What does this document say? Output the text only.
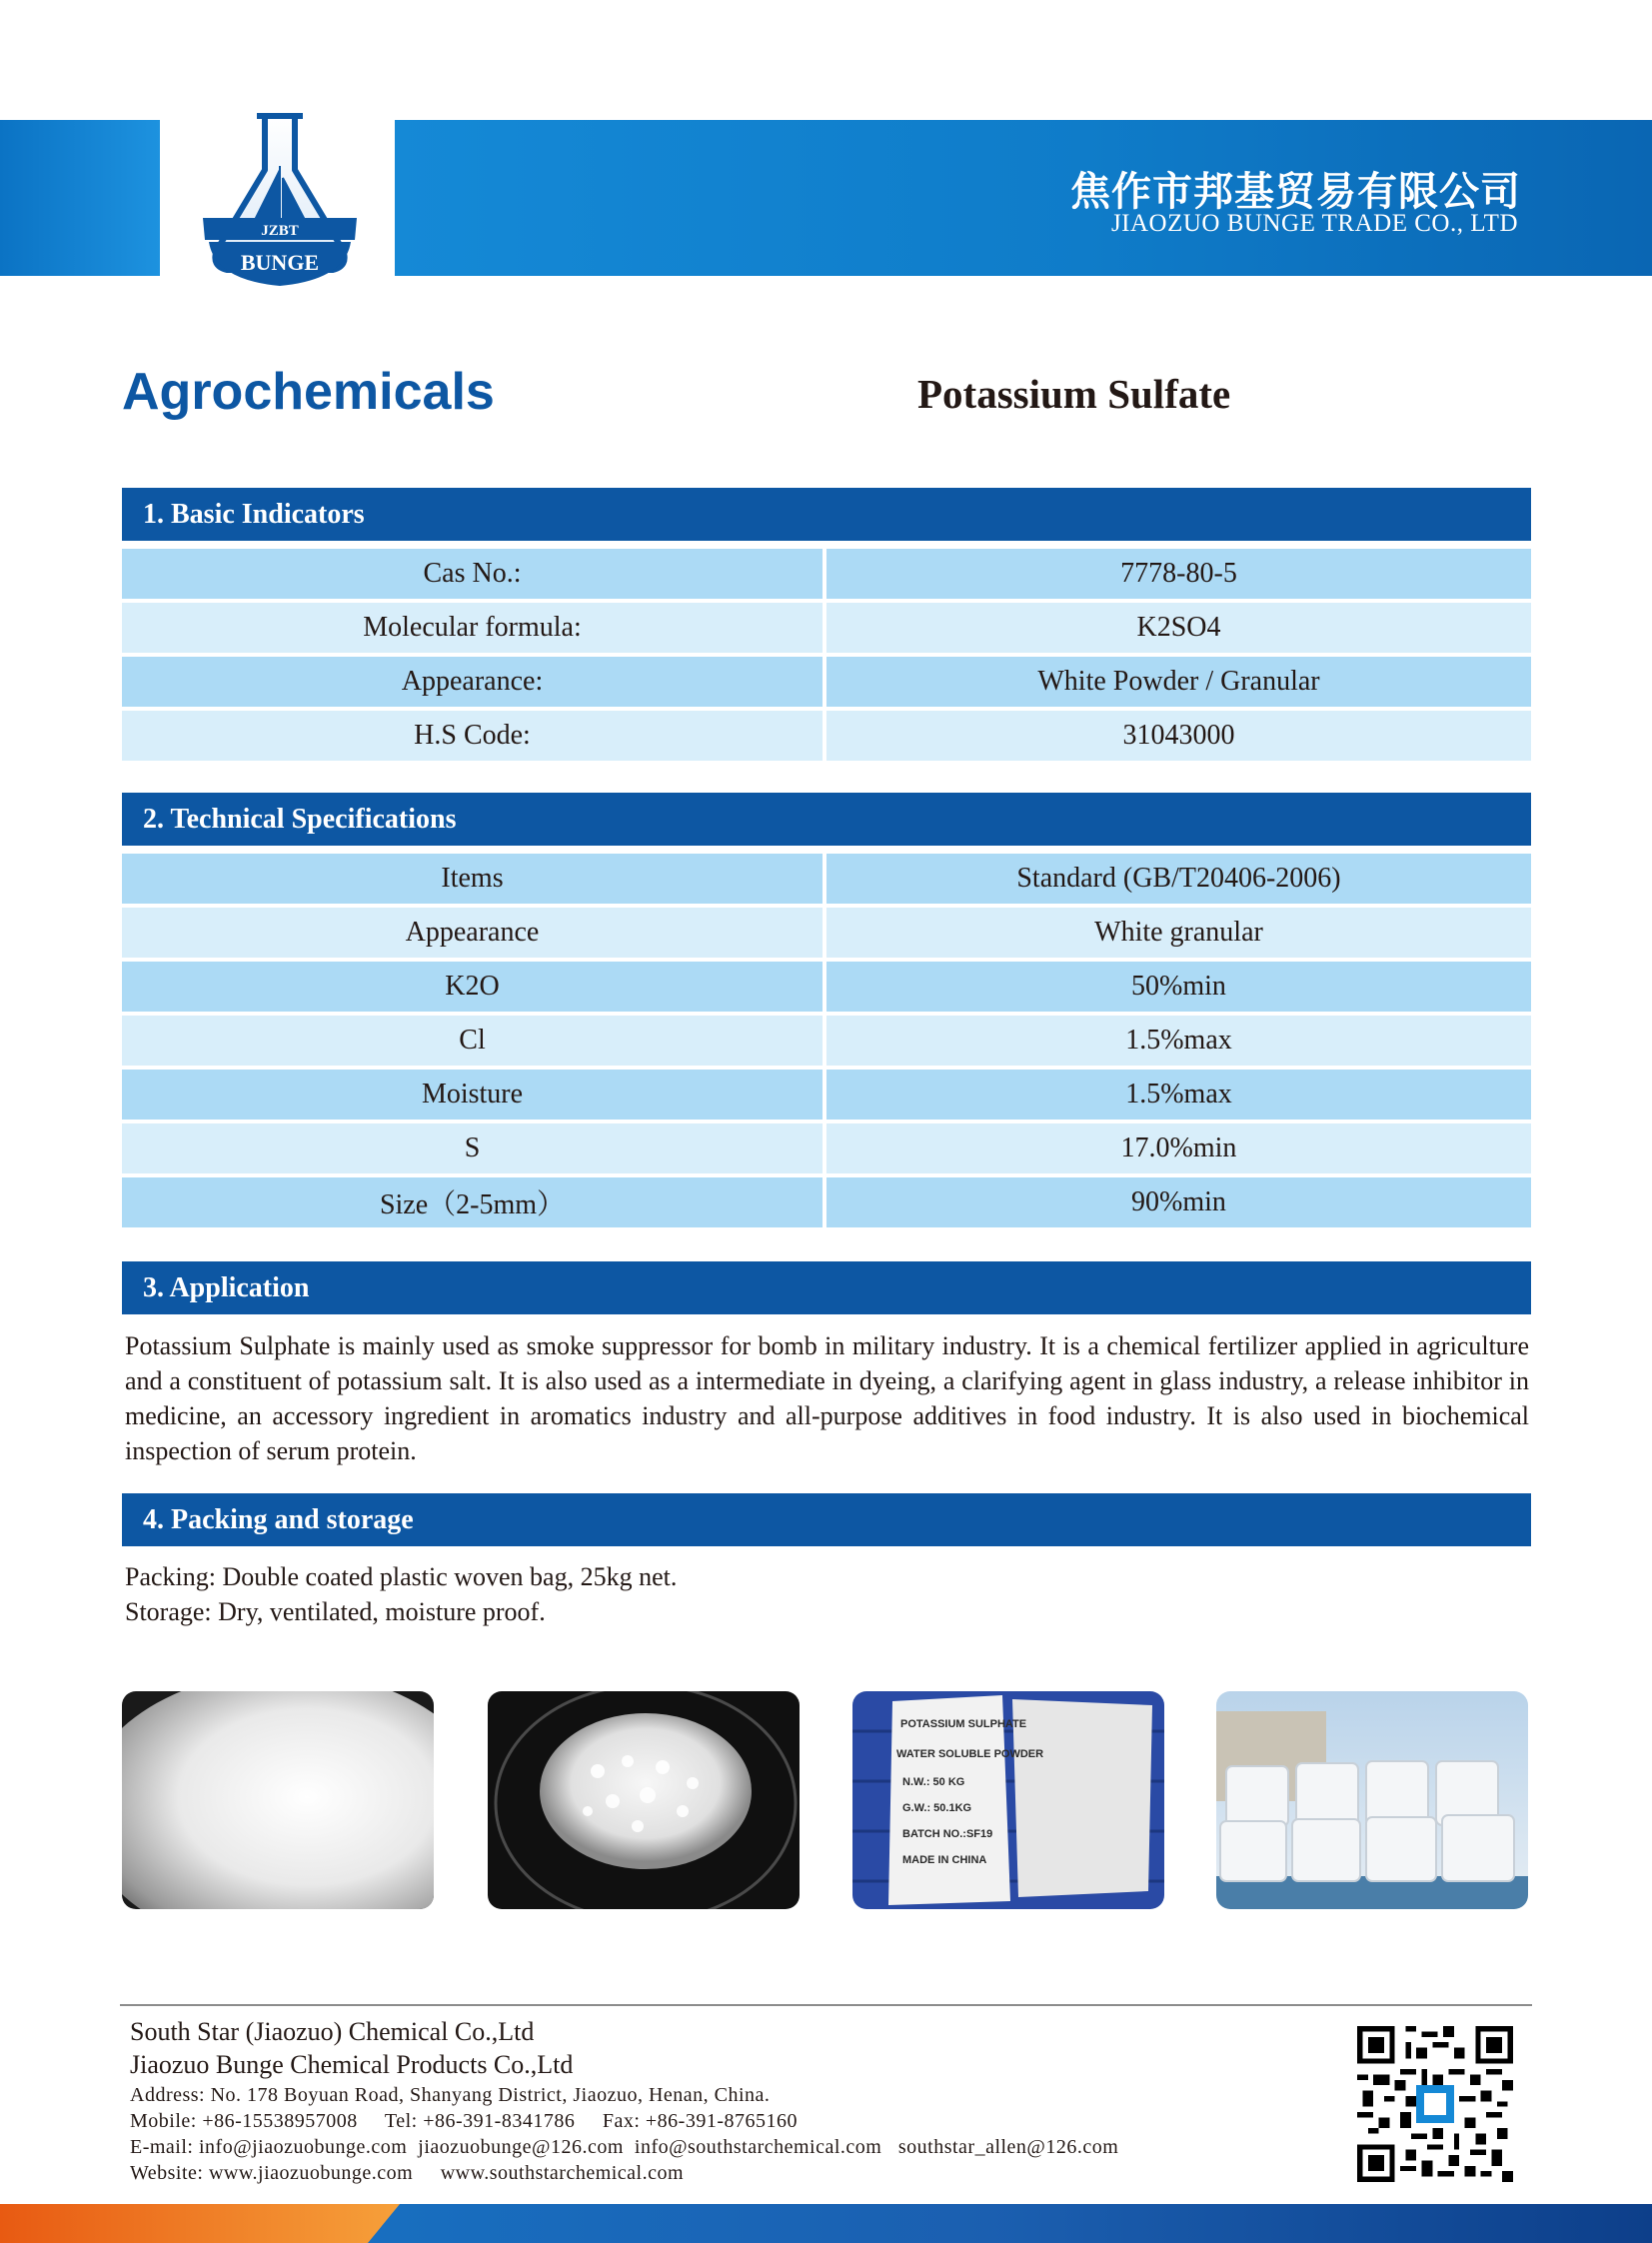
焦作市邦基贸易有限公司
JIAOZUO BUNGE TRADE CO., LTD
JZBT
BUNGE
Agrochemicals	Potassium Sulfate
1. Basic Indicators
Cas No.:	7778-80-5
Molecular formula:	K2SO4
Appearance:	White Powder / Granular
H.S Code:	31043000
2. Technical Specifications
Items	Standard (GB/T20406-2006)
Appearance	White granular
K2O	50%min
Cl	1.5%max
Moisture	1.5%max
S	17.0%min
Size（2-5mm）	90%min
3. Application
Potassium Sulphate is mainly used as smoke suppressor for bomb in military industry. It is a chemical fertilizer applied in agriculture and a constituent of potassium salt. It is also used as a intermediate in dyeing, a clarifying agent in glass industry, a release inhibitor in medicine, an accessory ingredient in aromatics industry and all-purpose additives in food industry. It is also used in biochemical inspection of serum protein.
4. Packing and storage
Packing: Double coated plastic woven bag, 25kg net.
Storage: Dry, ventilated, moisture proof.
POTASSIUM SULPHATE
WATER SOLUBLE POWDER
N.W.: 50 KG
G.W.: 50.1KG
BATCH NO.:SF19
MADE IN CHINA
South Star (Jiaozuo) Chemical Co.,Ltd
Jiaozuo Bunge Chemical Products Co.,Ltd
Address: No. 178 Boyuan Road, Shanyang District, Jiaozuo, Henan, China.
Mobile: +86-15538957008     Tel: +86-391-8341786     Fax: +86-391-8765160
E-mail: info@jiaozuobunge.com  jiaozuobunge@126.com  info@southstarchemical.com   southstar_allen@126.com
Website: www.jiaozuobunge.com     www.southstarchemical.com
